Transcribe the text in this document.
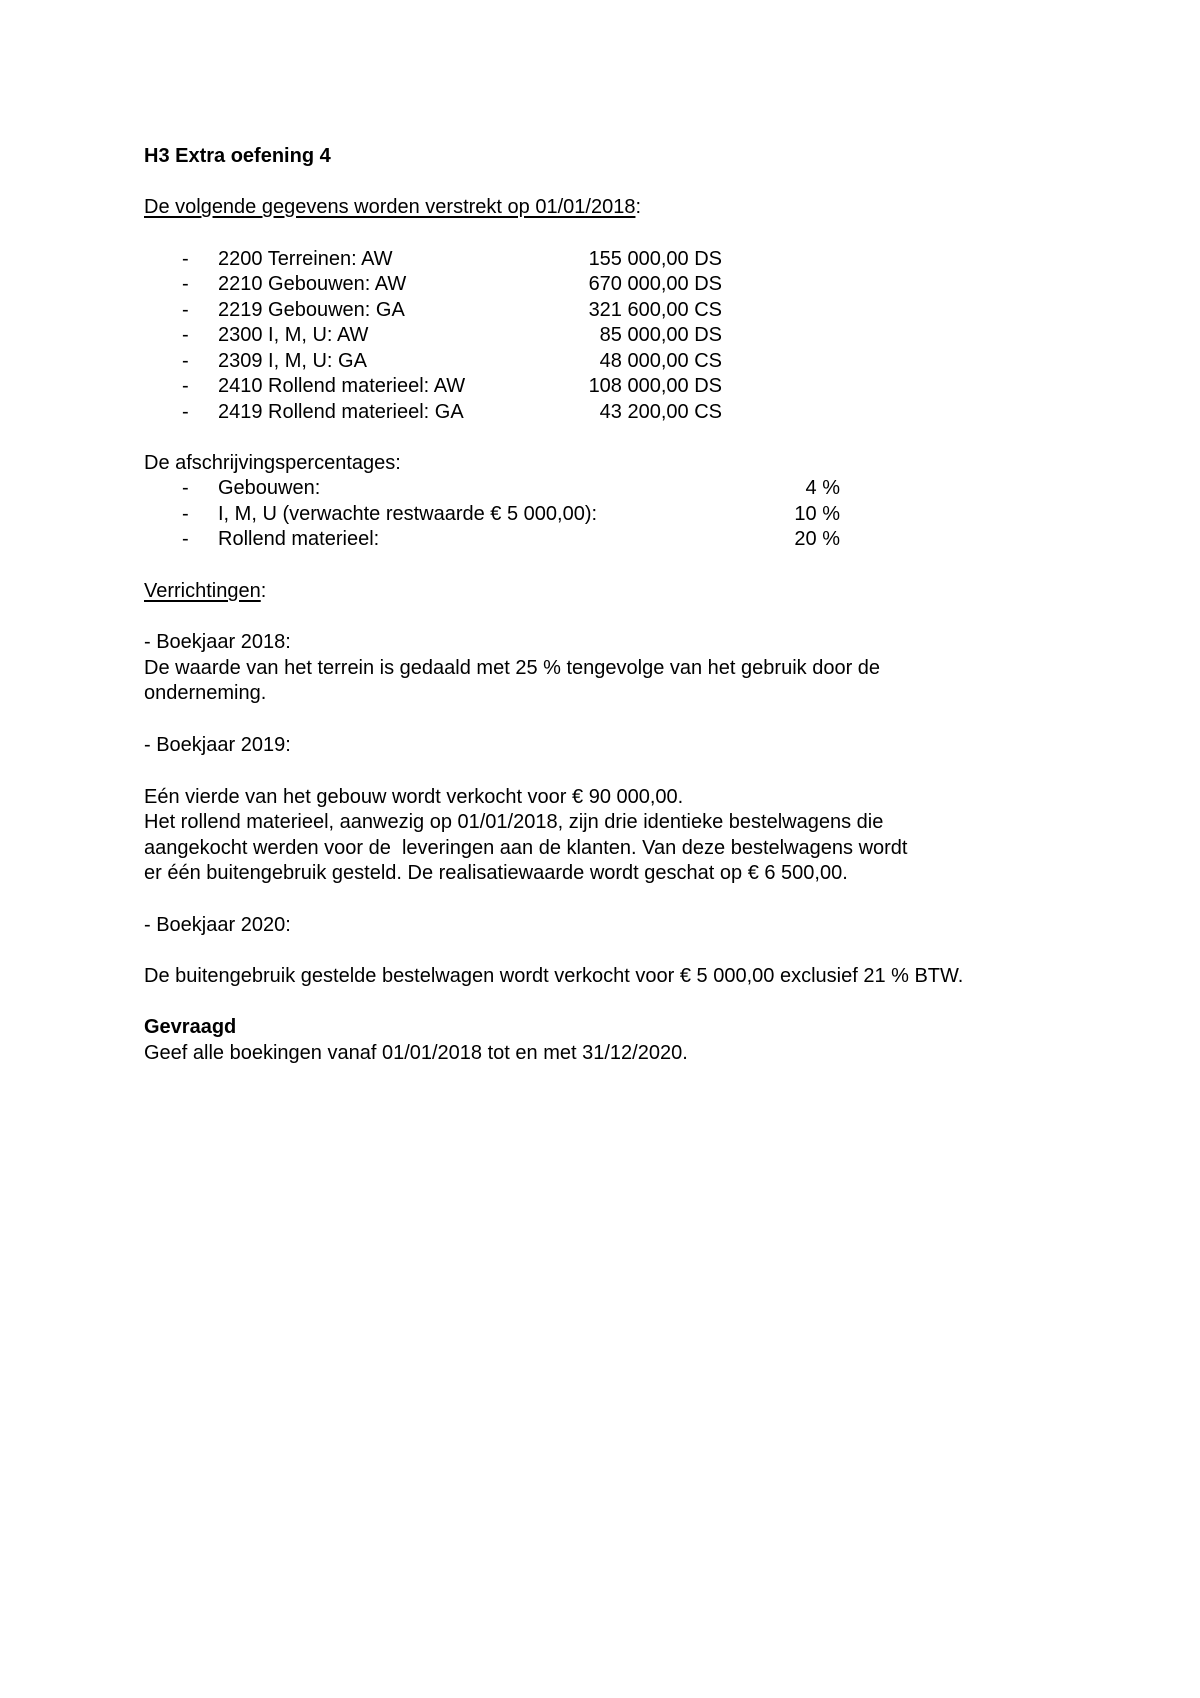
H3 Extra oefening 4
De volgende gegevens worden verstrekt op 01/01/2018:
- 2200 Terreinen: AW	155 000,00 DS
- 2210 Gebouwen: AW	670 000,00 DS
- 2219 Gebouwen: GA	321 600,00 CS
- 2300 I, M, U: AW	85 000,00 DS
- 2309 I, M, U: GA	48 000,00 CS
- 2410 Rollend materieel: AW	108 000,00 DS
- 2419 Rollend materieel: GA	43 200,00 CS
De afschrijvingspercentages:
- Gebouwen:	4 %
- I, M, U (verwachte restwaarde € 5 000,00):	10 %
- Rollend materieel:	20 %
Verrichtingen:
- Boekjaar 2018:
De waarde van het terrein is gedaald met 25 % tengevolge van het gebruik door de
onderneming.
- Boekjaar 2019:
Eén vierde van het gebouw wordt verkocht voor € 90 000,00.
Het rollend materieel, aanwezig op 01/01/2018, zijn drie identieke bestelwagens die
aangekocht werden voor de  leveringen aan de klanten. Van deze bestelwagens wordt
er één buitengebruik gesteld. De realisatiewaarde wordt geschat op € 6 500,00.
- Boekjaar 2020:
De buitengebruik gestelde bestelwagen wordt verkocht voor € 5 000,00 exclusief 21 % BTW.
Gevraagd
Geef alle boekingen vanaf 01/01/2018 tot en met 31/12/2020.
